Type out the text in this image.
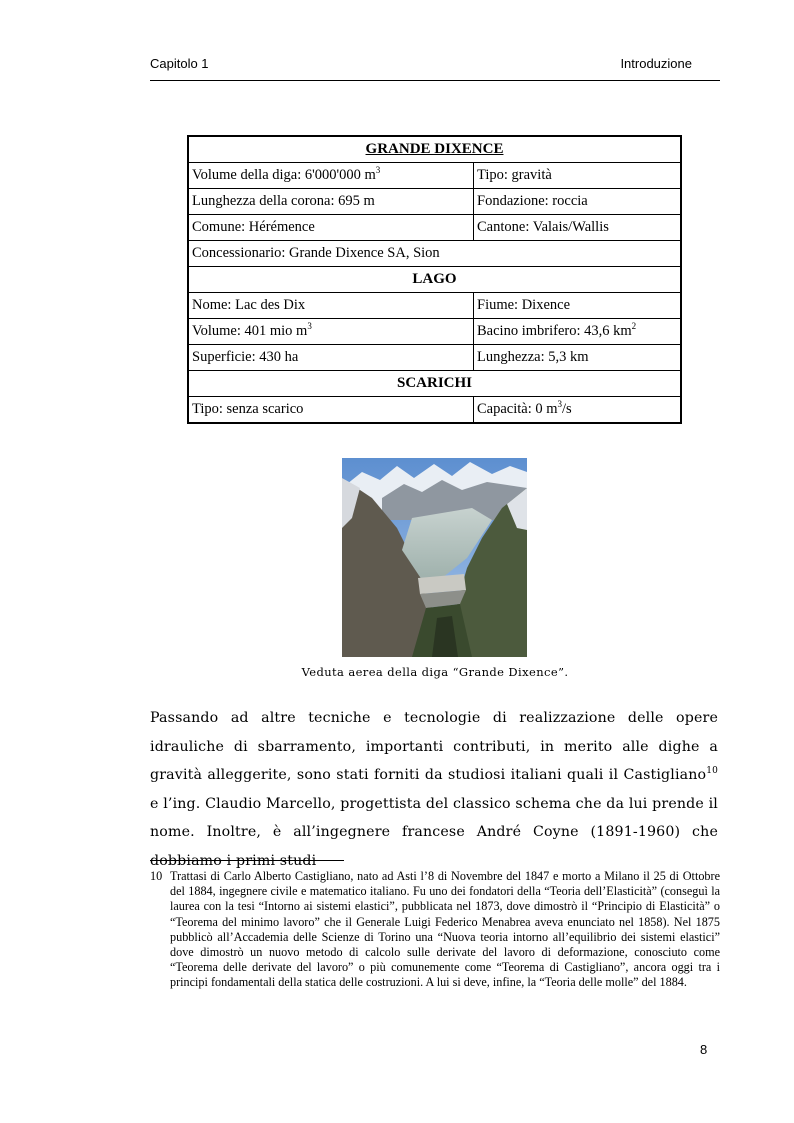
Capitolo 1	Introduzione
GRANDE DIXENCE	
Volume della diga: 6'000'000 $m^3$	Tipo: gravità
Lunghezza della corona: 695 m	Fondazione: roccia
Comune: Hérémence	Cantone: Valais/Wallis
Concessionario: Grande Dixence SA, Sion	
LAGO	
Nome: Lac des Dix	Fiume: Dixence
Volume: 401 mio $m^3$	Bacino imbrifero: 43,6 $km^2$
Superficie: 430 ha	Lunghezza: 5,3 km
SCARICHI	
Tipo: senza scarico	Capacità: 0 $m^3/s$
Veduta aerea della diga “Grande Dixence”.
Passando ad altre tecniche e tecnologie di realizzazione delle opere idrauliche di sbarramento, importanti contributi, in merito alle dighe a gravità alleggerite, sono stati forniti da studiosi italiani quali il Castigliano$^{10}$ e l’ing. Claudio Marcello, progettista del classico schema che da lui prende il nome. Inoltre, è all’ingegnere francese André Coyne (1891-1960) che dobbiamo i primi studi
10 Trattasi di Carlo Alberto Castigliano, nato ad Asti l’8 di Novembre del 1847 e morto a Milano il 25 di Ottobre del 1884, ingegnere civile e matematico italiano. Fu uno dei fondatori della “Teoria dell’Elasticità” (conseguì la laurea con la tesi “Intorno ai sistemi elastici”, pubblicata nel 1873, dove dimostrò il “Principio di Elasticità” o “Teorema del minimo lavoro” che il Generale Luigi Federico Menabrea aveva enunciato nel 1858). Nel 1875 pubblicò all’Accademia delle Scienze di Torino una “Nuova teoria intorno all’equilibrio dei sistemi elastici” dove dimostrò un nuovo metodo di calcolo sulle derivate del lavoro di deformazione, conosciuto come “Teorema delle derivate del lavoro” o più comunemente come “Teorema di Castigliano”, ancora oggi tra i principi fondamentali della statica delle costruzioni. A lui si deve, infine, la “Teoria delle molle” del 1884.
8
